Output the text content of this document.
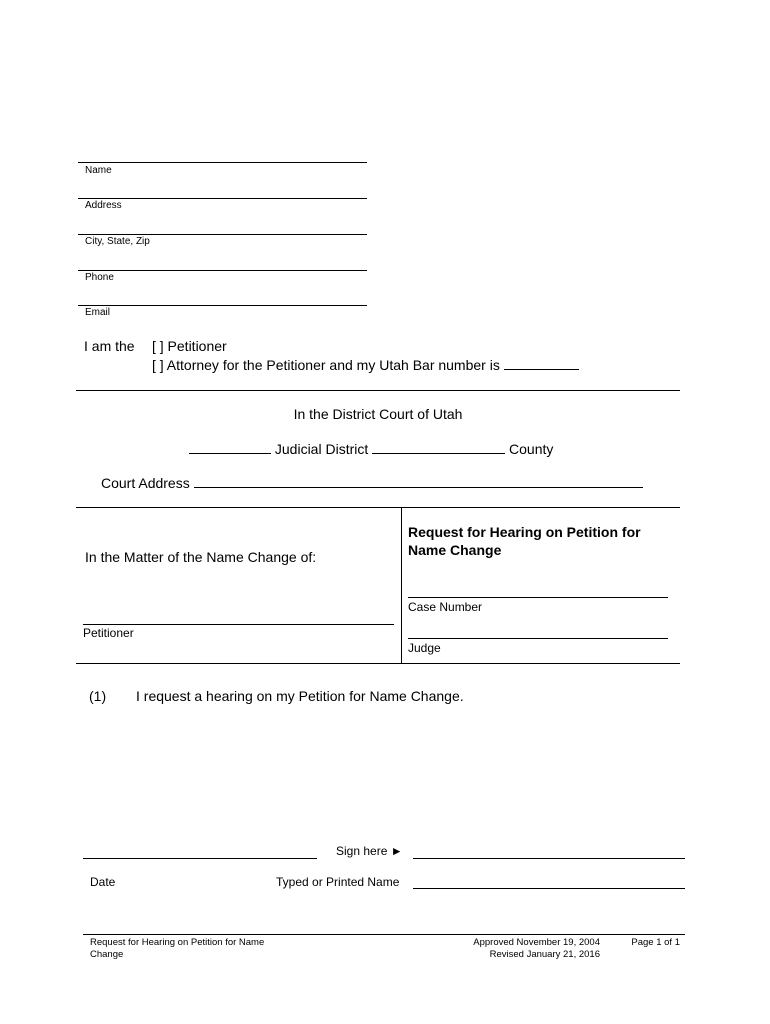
Name
Address
City, State, Zip
Phone
Email
I am the [ ] Petitioner
[ ] Attorney for the Petitioner and my Utah Bar number is
In the District Court of Utah
Judicial District	County
Court Address
In the Matter of the Name Change of:
Petitioner
Request for Hearing on Petition for Name Change
Case Number
Judge
(1) I request a hearing on my Petition for Name Change.
Sign here ►
Date	Typed or Printed Name
Request for Hearing on Petition for Name
Change
Approved November 19, 2004
Revised January 21, 2016
Page 1 of 1
